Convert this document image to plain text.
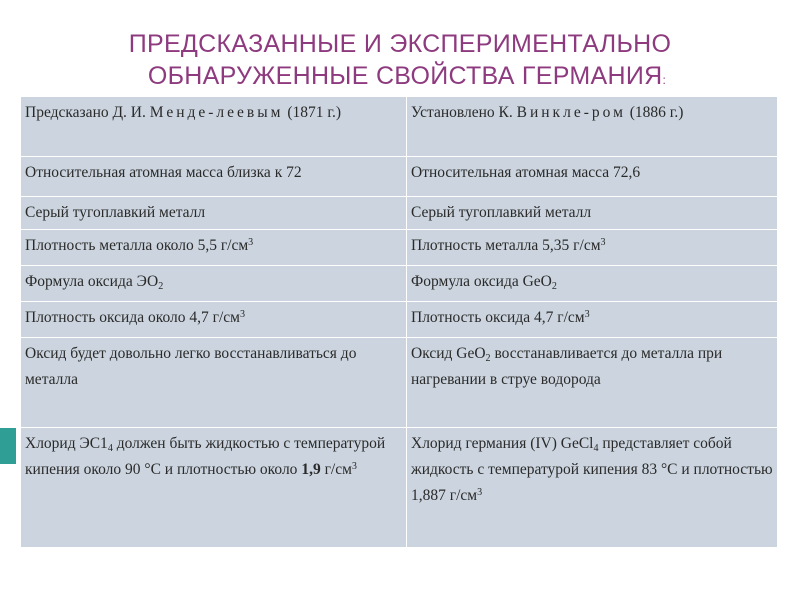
ПРЕДСКАЗАННЫЕ И ЭКСПЕРИМЕНТАЛЬНО
ОБНАРУЖЕННЫЕ СВОЙСТВА ГЕРМАНИЯ:
Предсказано Д. И. Менде-леевым (1871 г.)	Установлено К. Винкле-ром (1886 г.)
Относительная атомная масса близка к 72	Относительная атомная масса 72,6
Серый тугоплавкий металл	Серый тугоплавкий металл
Плотность металла около 5,5 $г/см^3$	Плотность металла 5,35 $г/см^3$
Формула оксида $ЭО_2$	Формула оксида GeO$_2$
Плотность оксида около 4,7 $г/см^3$	Плотность оксида 4,7 $г/см^3$
Оксид будет довольно легко восстанавливаться до металла	Оксид GeO$_2$ восстанавливается до металла при нагревании в струе водорода
Хлорид $ЭС1_4$ должен быть жидкостью с температурой кипения около 90 °С и плотностью около 1,9 $г/см^3$	Хлорид германия (IV) GeCl$_4$ представляет собой жидкость с температурой кипения 83 °С и плотностью 1,887 $г/см^3$
